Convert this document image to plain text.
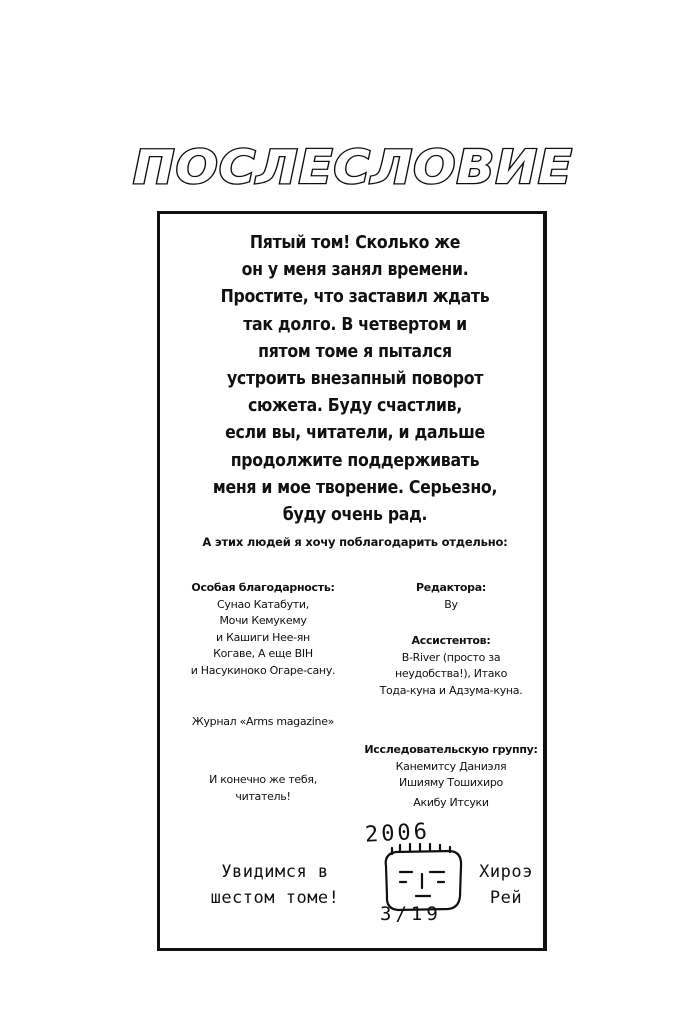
ПОСЛЕСЛОВИЕ
Пятый том! Сколько же
он у меня занял времени.
Простите, что заставил ждать
так долго. В четвертом и
пятом томе я пытался
устроить внезапный поворот
сюжета. Буду счастлив,
если вы, читатели, и дальше
продолжите поддерживать
меня и мое творение. Серьезно,
буду очень рад.
А этих людей я хочу поблагодарить отдельно:
Особая благодарность:
Сунао Катабути,
Мочи Кемукему
и Кашиги Нее-ян
Когаве, А еще BIH
и Насукиноко Огаре-сану.
Журнал «Arms magazine»
И конечно же тебя,
читатель!
Редактора:
Bу
Ассистентов:
B-River (просто за
неудобства!), Итако
Тода-куна и Адзума-куна.
Исследовательскую группу:
Канемитсу Даниэля
Ишияму Тошихиро
Акибу Итсуки
2006
3/19
Увидимся в
шестом томе!
Хироэ
Рей
